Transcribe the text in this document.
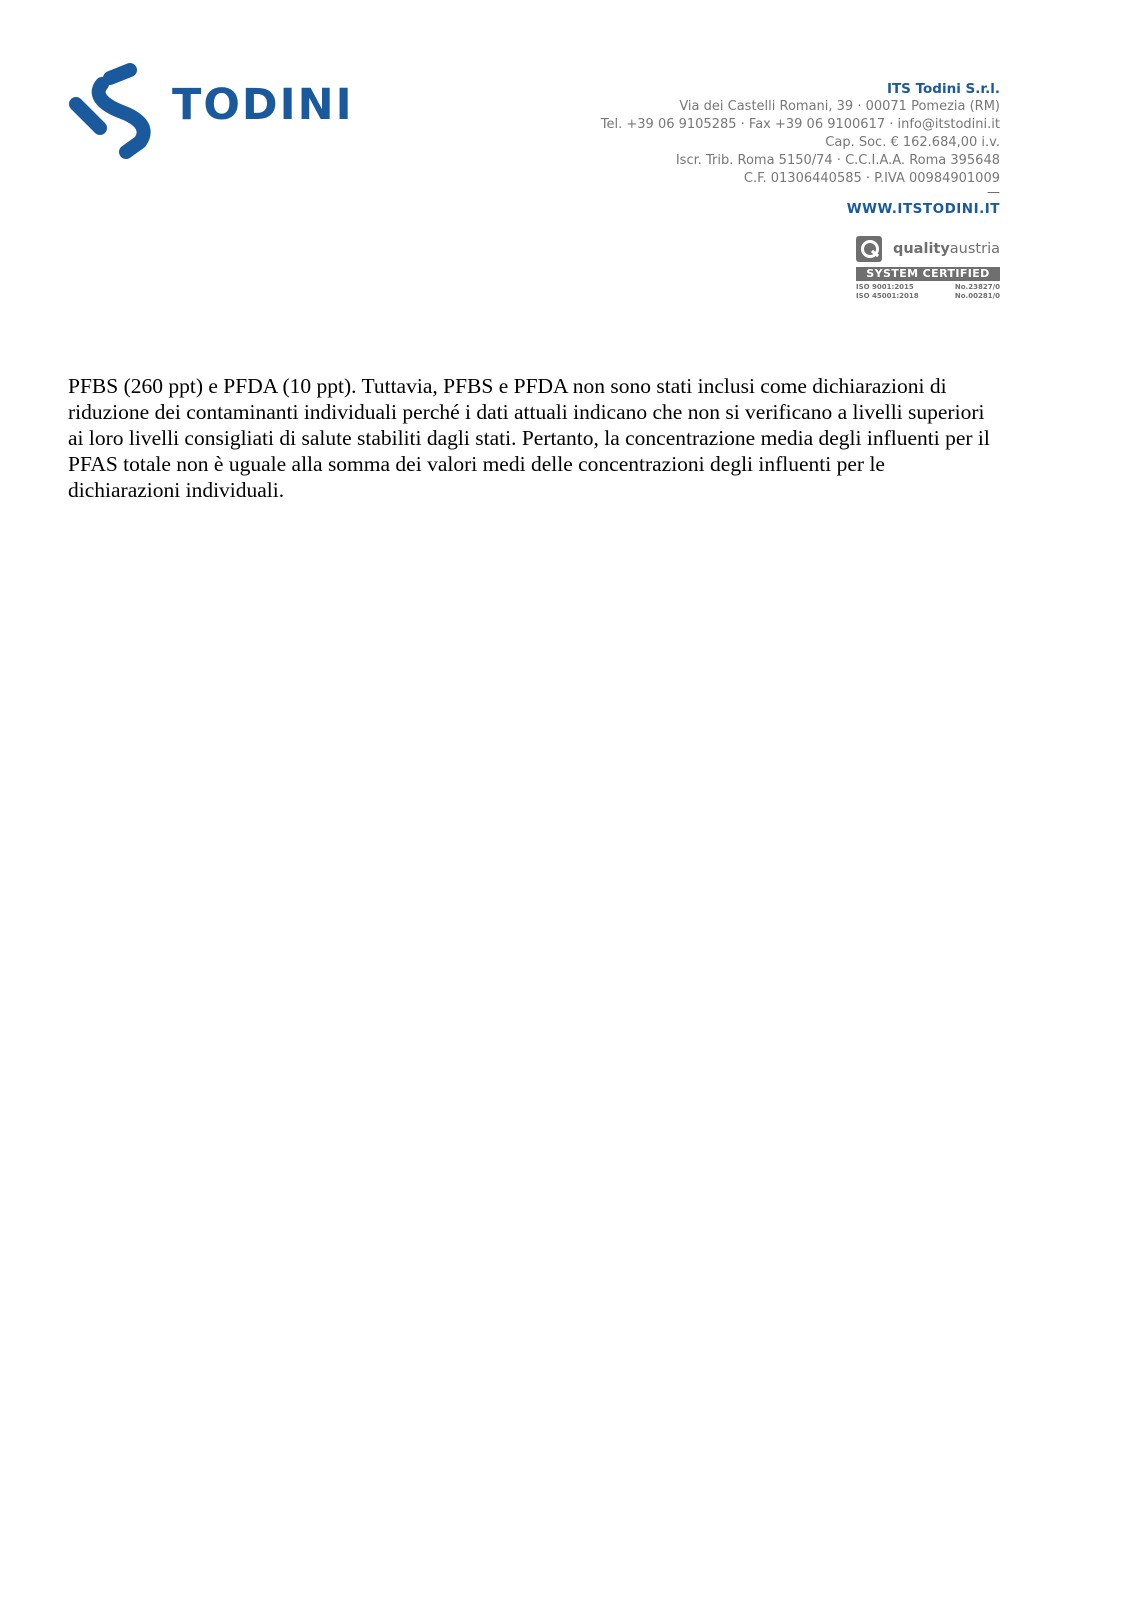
TODINI	ITS Todini S.r.l.
Via dei Castelli Romani, 39 · 00071 Pomezia (RM)
Tel. +39 06 9105285 · Fax +39 06 9100617 · info@itstodini.it
Cap. Soc. € 162.684,00 i.v.
Iscr. Trib. Roma 5150/74 · C.C.I.A.A. Roma 395648
C.F. 01306440585 · P.IVA 00984901009
—
WWW.ITSTODINI.IT
qualityaustria
SYSTEM CERTIFIED
ISO 9001:2015	No.23827/0
ISO 45001:2018	No.00281/0

PFBS (260 ppt) e PFDA (10 ppt). Tuttavia, PFBS e PFDA non sono stati inclusi come dichiarazioni di riduzione dei contaminanti individuali perché i dati attuali indicano che non si verificano a livelli superiori ai loro livelli consigliati di salute stabiliti dagli stati. Pertanto, la concentrazione media degli influenti per il PFAS totale non è uguale alla somma dei valori medi delle concentrazioni degli influenti per le dichiarazioni individuali.
